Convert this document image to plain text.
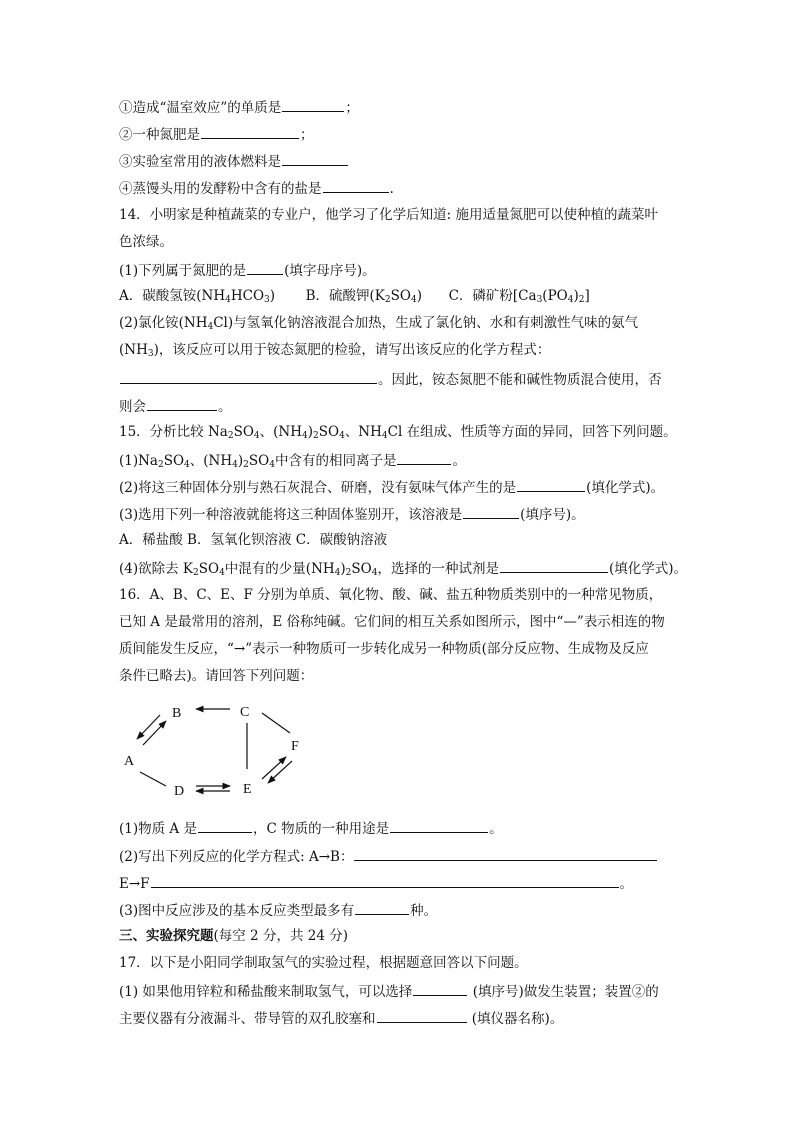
①造成“温室效应”的单质是	；
②一种氮肥是	；
③实验室常用的液体燃料是
④蒸馒头用的发酵粉中含有的盐是	.
14．小明家是种植蔬菜的专业户，他学习了化学后知道: 施用适量氮肥可以使种植的蔬菜叶
色浓绿。
(1)下列属于氮肥的是	(填字母序号)。
A．碳酸氢铵$(NH_4HCO_3)$ B．硫酸钾$(K_2SO_4)$ C．磷矿粉$[Ca_3(PO_4)_2]$
(2)氯化铵$(NH_4Cl)$与氢氧化钠溶液混合加热，生成了氯化钠、水和有刺激性气味的氨气
$(NH_3)$，该反应可以用于铵态氮肥的检验，请写出该反应的化学方程式：
。因此，铵态氮肥不能和碱性物质混合使用，否
则会	。
15．分析比较 $Na_2SO_4$、$(NH_4)_2SO_4$、$NH_4Cl$ 在组成、性质等方面的异同，回答下列问题。
$(1)Na_2SO_4$、$(NH_4)_2SO_4$中含有的相同离子是	。
(2)将这三种固体分别与熟石灰混合、研磨，没有氨味气体产生的是	(填化学式)。
(3)选用下列一种溶液就能将这三种固体鉴别开，该溶液是	(填序号)。
A．稀盐酸 B．氢氧化钡溶液 C．碳酸钠溶液
(4)欲除去 $K_2SO_4$中混有的少量$(NH_4)_2SO_4$，选择的一种试剂是	(填化学式)。
16．A、B、C、E、F 分别为单质、氧化物、酸、碱、盐五种物质类别中的一种常见物质，
已知 A 是最常用的溶剂，E 俗称纯碱。它们间的相互关系如图所示，图中“—”表示相连的物
质间能发生反应，“→”表示一种物质可一步转化成另一种物质(部分反应物、生成物及反应
条件已略去)。请回答下列问题：
A
B	C
D	E
F
(1)物质 A 是	，C 物质的一种用途是	。
(2)写出下列反应的化学方程式: A→B：
E→F	。
(3)图中反应涉及的基本反应类型最多有	种。
三、实验探究题(每空 2 分，共 24 分)
17．以下是小阳同学制取氢气的实验过程，根据题意回答以下问题。
(1) 如果他用锌粒和稀盐酸来制取氢气，可以选择	(填序号)做发生装置；装置②的
主要仪器有分液漏斗、带导管的双孔胶塞和	(填仪器名称)。
